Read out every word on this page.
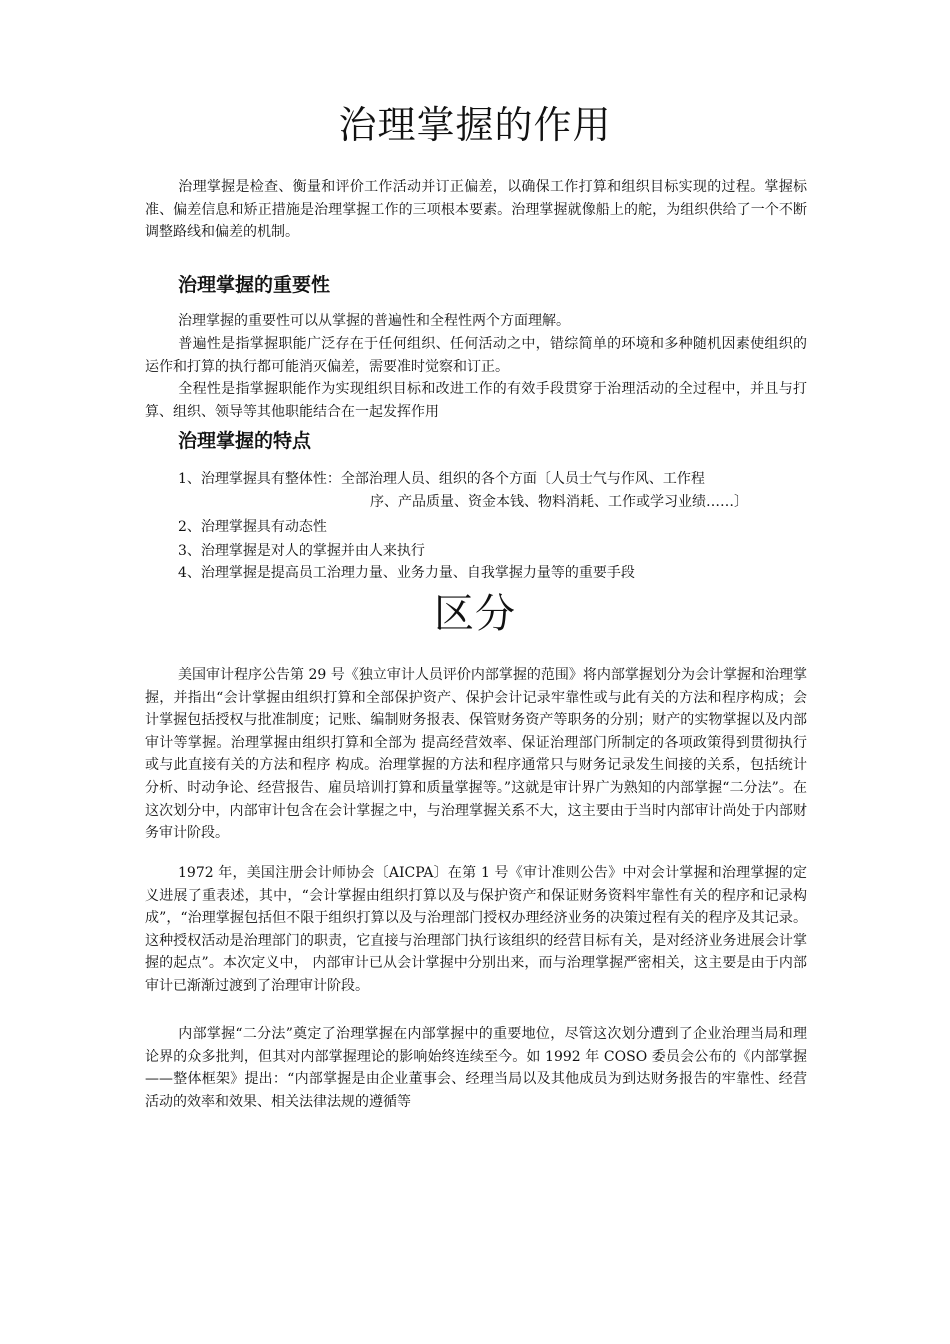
治理掌握的作用

治理掌握是检查、衡量和评价工作活动并订正偏差，以确保工作打算和组织目标实现的过程。掌握标准、偏差信息和矫正措施是治理掌握工作的三项根本要素。治理掌握就像船上的舵，为组织供给了一个不断调整路线和偏差的机制。

治理掌握的重要性

治理掌握的重要性可以从掌握的普遍性和全程性两个方面理解。

普遍性是指掌握职能广泛存在于任何组织、任何活动之中，错综简单的环境和多种随机因素使组织的运作和打算的执行都可能消灭偏差，需要准时觉察和订正。

全程性是指掌握职能作为实现组织目标和改进工作的有效手段贯穿于治理活动的全过程中，并且与打算、组织、领导等其他职能结合在一起发挥作用

治理掌握的特点
1、治理掌握具有整体性：全部治理人员、组织的各个方面〔人员士气与作风、工作程
序、产品质量、资金本钱、物料消耗、工作或学习业绩……〕
2、治理掌握具有动态性
3、治理掌握是对人的掌握并由人来执行
4、治理掌握是提高员工治理力量、业务力量、自我掌握力量等的重要手段
区分

美国审计程序公告第 29 号《独立审计人员评价内部掌握的范围》将内部掌握划分为会计掌握和治理掌握，并指出“会计掌握由组织打算和全部保护资产、保护会计记录牢靠性或与此有关的方法和程序构成；会计掌握包括授权与批准制度；记账、编制财务报表、保管财务资产等职务的分别；财产的实物掌握以及内部审计等掌握。治理掌握由组织打算和全部为 提高经营效率、保证治理部门所制定的各项政策得到贯彻执行或与此直接有关的方法和程序 构成。治理掌握的方法和程序通常只与财务记录发生间接的关系，包括统计分析、时动争论、经营报告、雇员培训打算和质量掌握等。”这就是审计界广为熟知的内部掌握“二分法”。在这次划分中，内部审计包含在会计掌握之中，与治理掌握关系不大，这主要由于当时内部审计尚处于内部财务审计阶段。

1972 年，美国注册会计师协会〔AICPA〕在第 1 号《审计准则公告》中对会计掌握和治理掌握的定义进展了重表述，其中，“会计掌握由组织打算以及与保护资产和保证财务资料牢靠性有关的程序和记录构成”，“治理掌握包括但不限于组织打算以及与治理部门授权办理经济业务的决策过程有关的程序及其记录。这种授权活动是治理部门的职责，它直接与治理部门执行该组织的经营目标有关，是对经济业务进展会计掌握的起点”。本次定义中， 内部审计已从会计掌握中分别出来，而与治理掌握严密相关，这主要是由于内部审计已渐渐过渡到了治理审计阶段。

内部掌握“二分法”奠定了治理掌握在内部掌握中的重要地位，尽管这次划分遭到了企业治理当局和理论界的众多批判，但其对内部掌握理论的影响始终连续至今。如 1992 年 COSO 委员会公布的《内部掌握——整体框架》提出：“内部掌握是由企业董事会、经理当局以及其他成员为到达财务报告的牢靠性、经营活动的效率和效果、相关法律法规的遵循等
